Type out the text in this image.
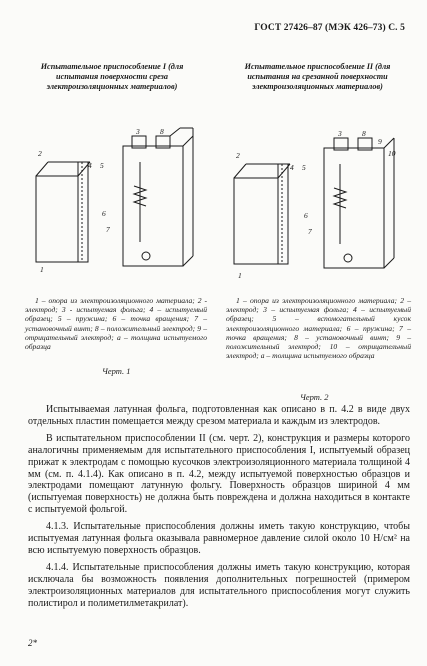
ГОСТ 27426–87 (МЭК 426–73) С. 5
Испытательное приспособление I (для испытания поверхности среза электроизоляционных материалов)
Испытательное приспособление II (для испытания на срезанной поверхности электроизоляционных материалов)
2
3
4 5
6
7
8
1
3	8
9
10
2
4 5
6
7
1
1 – опора из электроизоляционного материала; 2 - электрод; 3 - испытуемая фольга; 4 – испытуемый образец; 5 – пружина; 6 – точка вращения; 7 – установочный винт; 8 – положительный электрод; 9 – отрицательный электрод; а – толщина испытуемого образца
1 – опора из электроизоляционного материала; 2 – электрод; 3 – испытуемая фольга; 4 – испытуемый образец; 5 – вспомогательный кусок электроизоляционного материала; 6 – пружина; 7 – точка вращения; 8 – установочный винт; 9 – положительный электрод; 10 – отрицательный электрод; а – толщина испытуемого образца
Черт. 1
Черт. 2

Испытываемая латунная фольга, подготовленная как описано в п. 4.2 в виде двух отдельных пластин помещается между срезом материала и каждым из электродов.

В испытательном приспособлении II (см. черт. 2), конструкция и размеры которого аналогичны применяемым для испытательного приспособления I, испытуемый образец прижат к электродам с помощью кусочков электроизоляционного материала толщиной 4 мм (см. п. 4.1.4). Как описано в п. 4.2, между испытуемой поверхностью образцов и электродами помещают латунную фольгу. Поверхность образцов шириной 4 мм (испытуемая поверхность) не должна быть повреждена и должна находиться в контакте с испытуемой фольгой.

4.1.3. Испытательные приспособления должны иметь такую конструкцию, чтобы испытуемая латунная фольга оказывала равномерное давление силой около 10 Н/см² на всю испытуемую поверхность образцов.

4.1.4. Испытательные приспособления должны иметь такую конструкцию, которая исключала бы возможность появления дополнительных погрешностей (примером электроизоляционных материалов для испытательного приспособления могут служить полистирол и полиметилметакрилат).

2*
